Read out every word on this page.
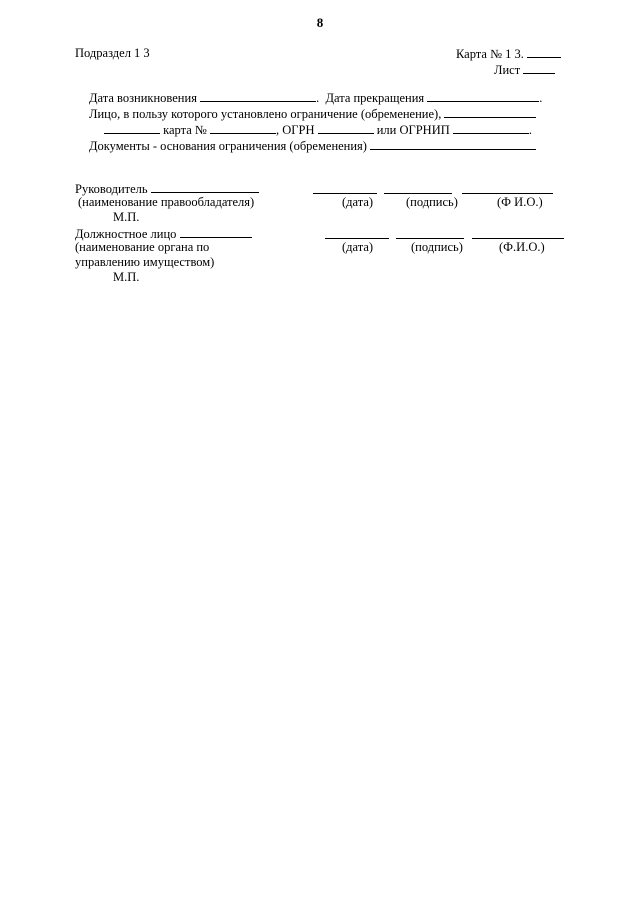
8
Подраздел 1 3	Карта № 1 3.
Лист
Дата возникновения	. Дата прекращения	.
Лицо, в пользу которого установлено ограничение (обременение),
карта №	, ОГРН	или ОГРНИП	.
Документы - основания ограничения (обременения)
Руководитель
(наименование правообладателя)	(дата)	(подпись)	(Ф И.О.)
М.П.
Должностное лицо
(наименование органа по	(дата)	(подпись)	(Ф.И.О.)
управлению имуществом)
М.П.
